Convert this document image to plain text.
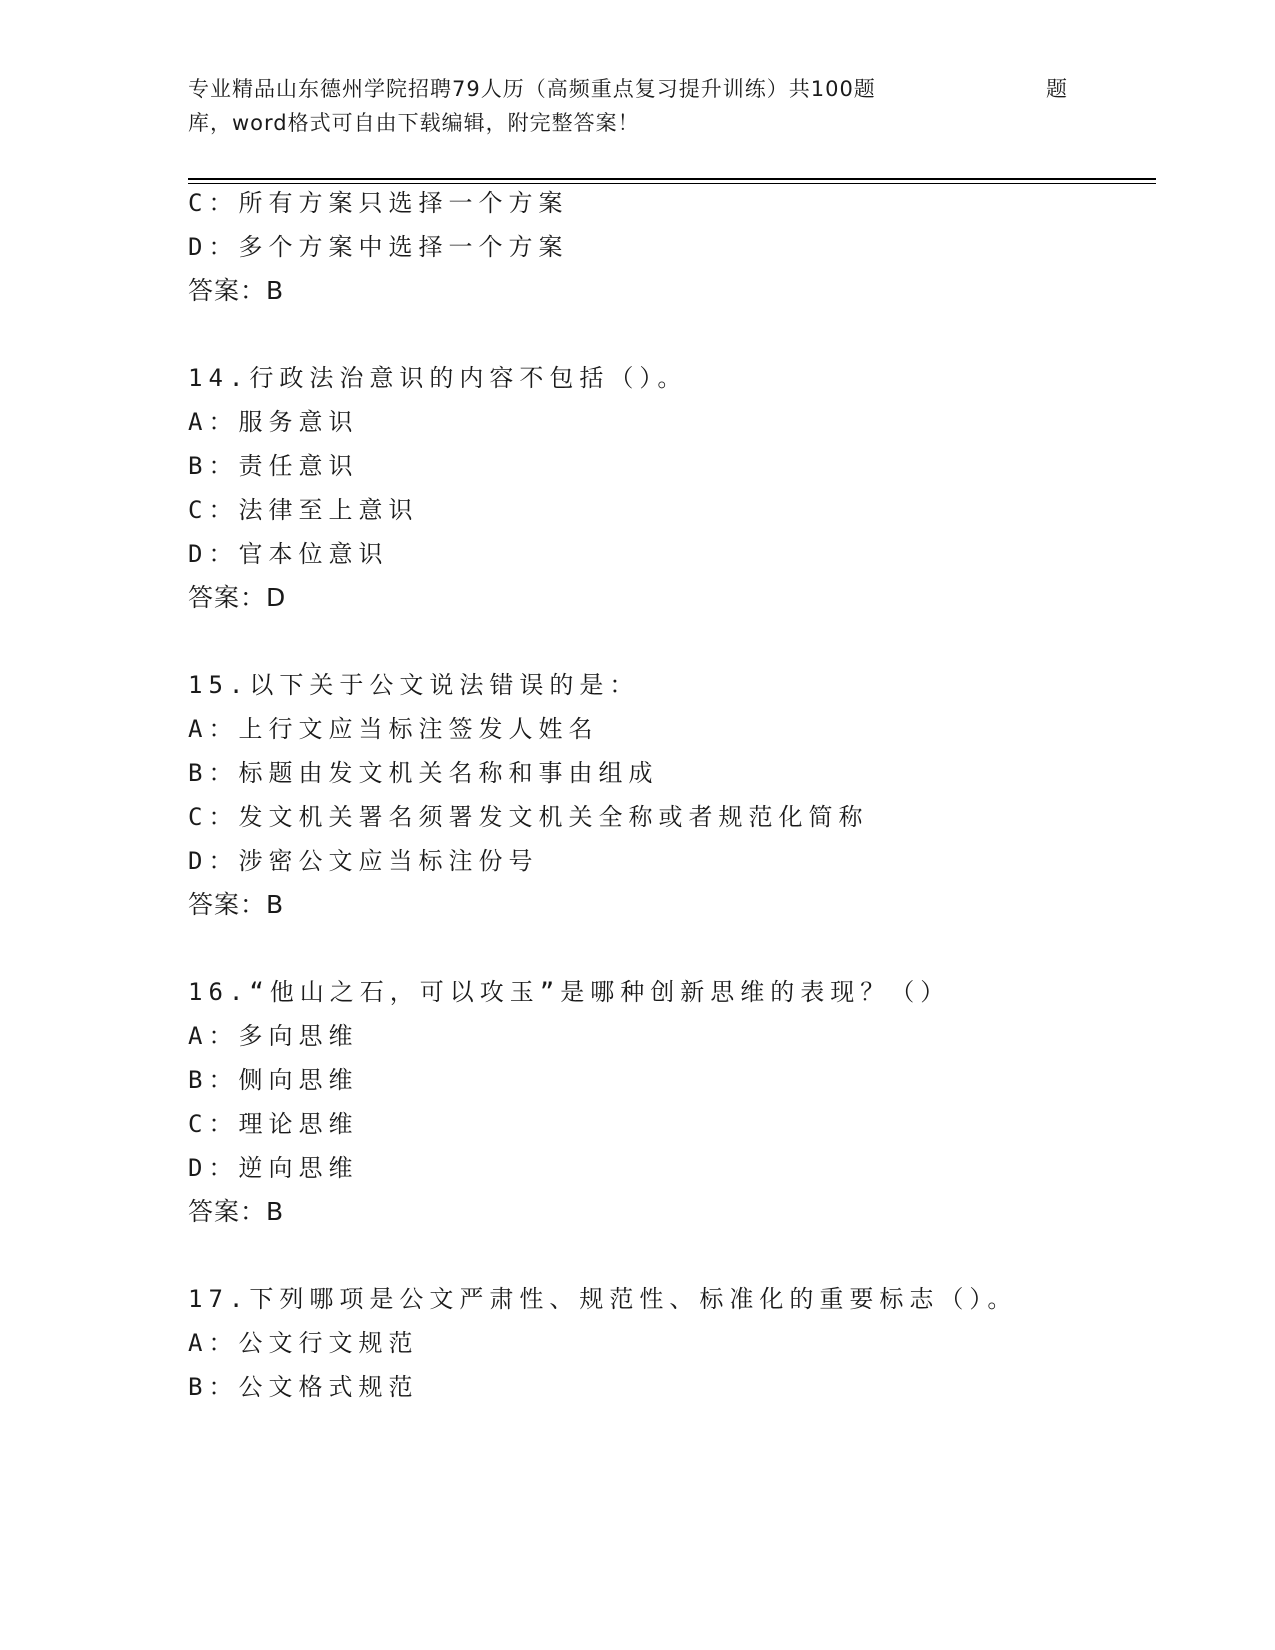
专业精品山东德州学院招聘79人历（高频重点复习提升训练）共100题	题
库，word格式可自由下载编辑，附完整答案！
C：所有方案只选择一个方案
D：多个方案中选择一个方案
答案：B
14.行政法治意识的内容不包括（）。
A：服务意识
B：责任意识
C：法律至上意识
D：官本位意识
答案：D
15.以下关于公文说法错误的是：
A：上行文应当标注签发人姓名
B：标题由发文机关名称和事由组成
C：发文机关署名须署发文机关全称或者规范化简称
D：涉密公文应当标注份号
答案：B
16.“他山之石，可以攻玉”是哪种创新思维的表现？（）
A：多向思维
B：侧向思维
C：理论思维
D：逆向思维
答案：B
17.下列哪项是公文严肃性、规范性、标准化的重要标志（）。
A：公文行文规范
B：公文格式规范
